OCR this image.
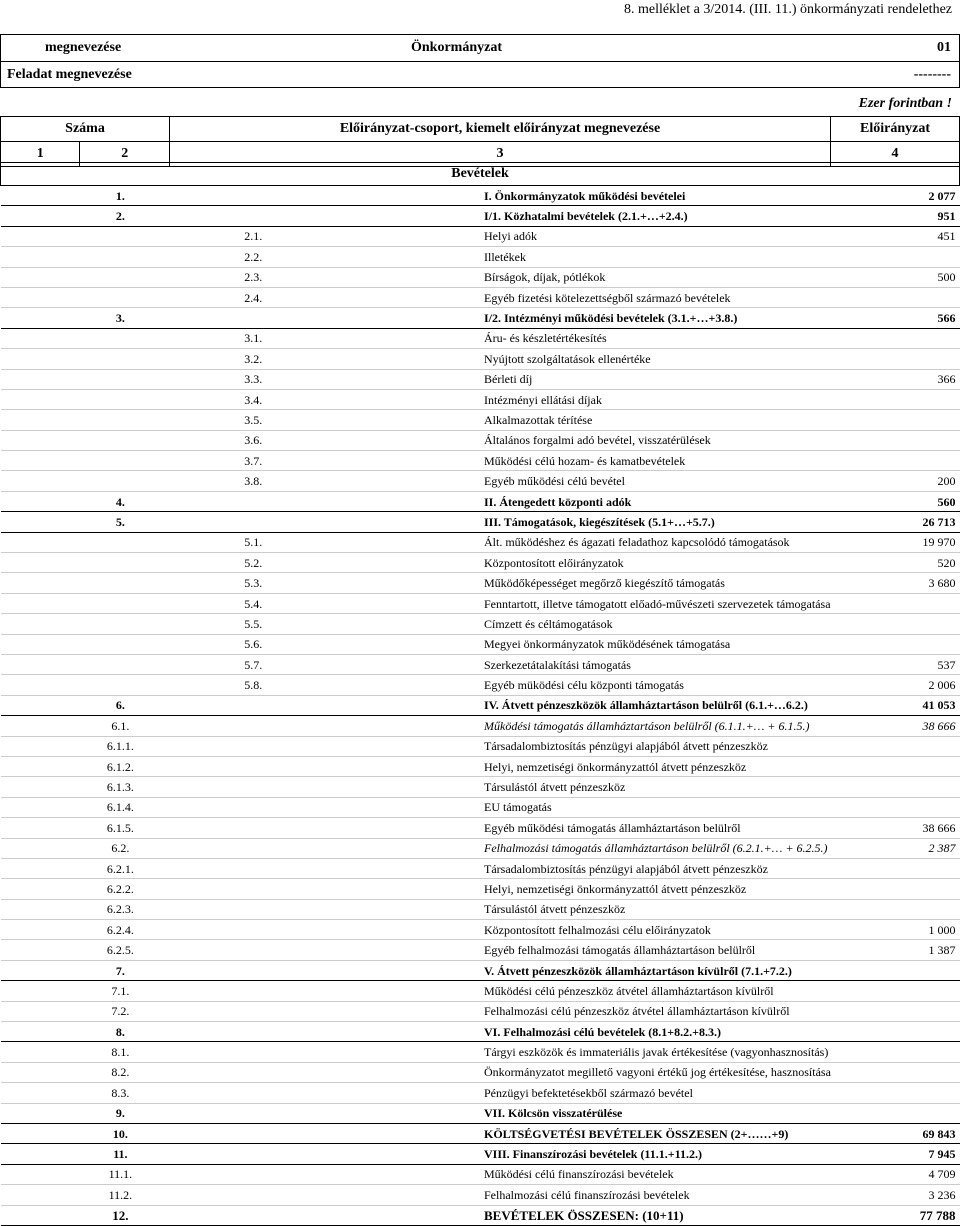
8. melléklet a 3/2014. (III. 11.) önkormányzati rendelethez
megnevezése	Önkormányzat	01
Feladat megnevezése	--------
Ezer forintban !
Száma		Előirányzat-csoport, kiemelt előirányzat megnevezése	Előirányzat
1	2	3	4
Bevételek			
1.		I. Önkormányzatok működési bevételei	2 077
2.		I/1. Közhatalmi bevételek (2.1.+…+2.4.)	951
	2.1.	Helyi adók	451
	2.2.	Illetékek	
	2.3.	Bírságok, díjak, pótlékok	500
	2.4.	Egyéb fizetési kötelezettségből származó bevételek	
3.		I/2. Intézményi működési bevételek (3.1.+…+3.8.)	566
	3.1.	Áru- és készletértékesítés	
	3.2.	Nyújtott szolgáltatások ellenértéke	
	3.3.	Bérleti díj	366
	3.4.	Intézményi ellátási díjak	
	3.5.	Alkalmazottak térítése	
	3.6.	Általános forgalmi adó bevétel, visszatérülések	
	3.7.	Működési célú hozam- és kamatbevételek	
	3.8.	Egyéb működési célú bevétel	200
4.		II. Átengedett központi adók	560
5.		III. Támogatások, kiegészítések (5.1+…+5.7.)	26 713
	5.1.	Ált. működéshez és ágazati feladathoz kapcsolódó támogatások	19 970
	5.2.	Központosított előirányzatok	520
	5.3.	Működőképességet megőrző kiegészítő támogatás	3 680
	5.4.	Fenntartott, illetve támogatott előadó-művészeti szervezetek támogatása	
	5.5.	Címzett és céltámogatások	
	5.6.	Megyei önkormányzatok működésének támogatása	
	5.7.	Szerkezetátalakítási támogatás	537
	5.8.	Egyéb müködési célu központi támogatás	2 006
6.		IV. Átvett pénzeszközök államháztartáson belülről (6.1.+…6.2.)	41 053
6.1.		Működési támogatás államháztartáson belülről (6.1.1.+… + 6.1.5.)	38 666
6.1.1.		Társadalombiztosítás pénzügyi alapjából átvett pénzeszköz	
6.1.2.		Helyi, nemzetiségi önkormányzattól átvett pénzeszköz	
6.1.3.		Társulástól átvett pénzeszköz	
6.1.4.		EU támogatás	
6.1.5.		Egyéb működési támogatás államháztartáson belülről	38 666
6.2.		Felhalmozási támogatás államháztartáson belülről (6.2.1.+… + 6.2.5.)	2 387
6.2.1.		Társadalombiztosítás pénzügyi alapjából átvett pénzeszköz	
6.2.2.		Helyi, nemzetiségi önkormányzattól átvett pénzeszköz	
6.2.3.		Társulástól átvett pénzeszköz	
6.2.4.		Központosított felhalmozási célu előirányzatok	1 000
6.2.5.		Egyéb felhalmozási támogatás államháztartáson belülről	1 387
7.		V. Átvett pénzeszközök államháztartáson kívülről (7.1.+7.2.)	
7.1.		Működési célú pénzeszköz átvétel államháztartáson kívülről	
7.2.		Felhalmozási célú pénzeszköz átvétel államháztartáson kívülről	
8.		VI. Felhalmozási célú bevételek (8.1+8.2.+8.3.)	
8.1.		Tárgyi eszközök és immateriális javak értékesítése (vagyonhasznosítás)	
8.2.		Önkormányzatot megillető vagyoni értékű jog értékesítése, hasznosítása	
8.3.		Pénzügyi befektetésekből származó bevétel	
9.		VII. Kölcsön visszatérülése	
10.		KÖLTSÉGVETÉSI BEVÉTELEK ÖSSZESEN (2+……+9)	69 843
11.		VIII. Finanszírozási bevételek (11.1.+11.2.)	7 945
11.1.		Működési célú finanszírozási bevételek	4 709
11.2.		Felhalmozási célú finanszírozási bevételek	3 236
12.		BEVÉTELEK ÖSSZESEN: (10+11)	77 788
